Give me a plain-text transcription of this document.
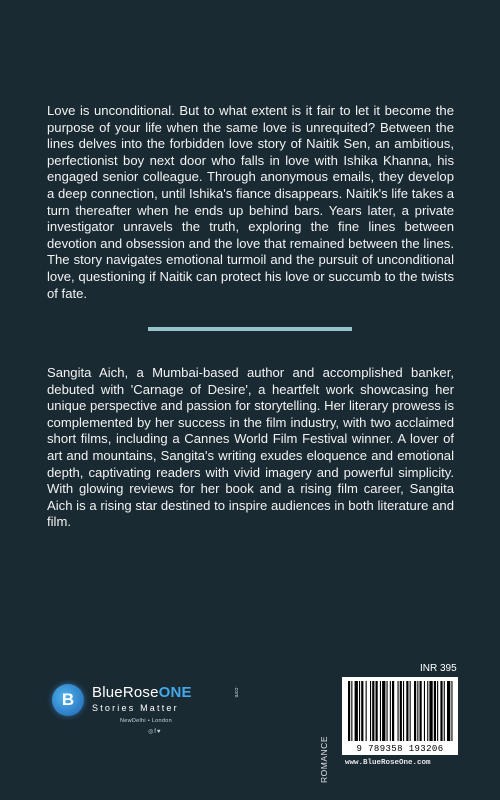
Love is unconditional. But to what extent is it fair to let it become the purpose of your life when the same love is unrequited? Between the lines delves into the forbidden love story of Naitik Sen, an ambitious, perfectionist boy next door who falls in love with Ishika Khanna, his engaged senior colleague. Through anonymous emails, they develop a deep connection, until Ishika's fiance disappears. Naitik's life takes a turn thereafter when he ends up behind bars. Years later, a private investigator unravels the truth, exploring the fine lines between devotion and obsession and the love that remained between the lines. The story navigates emotional turmoil and the pursuit of unconditional love, questioning if Naitik can protect his love or succumb to the twists of fate.

Sangita Aich, a Mumbai-based author and accomplished banker, debuted with 'Carnage of Desire', a heartfelt work showcasing her unique perspective and passion for storytelling. Her literary prowess is complemented by her success in the film industry, with two acclaimed short films, including a Cannes World Film Festival winner. A lover of art and mountains, Sangita's writing exudes eloquence and emotional depth, captivating readers with vivid imagery and powerful simplicity. With glowing reviews for her book and a rising film career, Sangita Aich is a rising star destined to inspire audiences in both literature and film.

B BlueRoseONE	.com
Stories Matter
NewDelhi • London
◎f♥
ROMANCE
INR 395
9 789358 193206
www.BlueRoseOne.com
